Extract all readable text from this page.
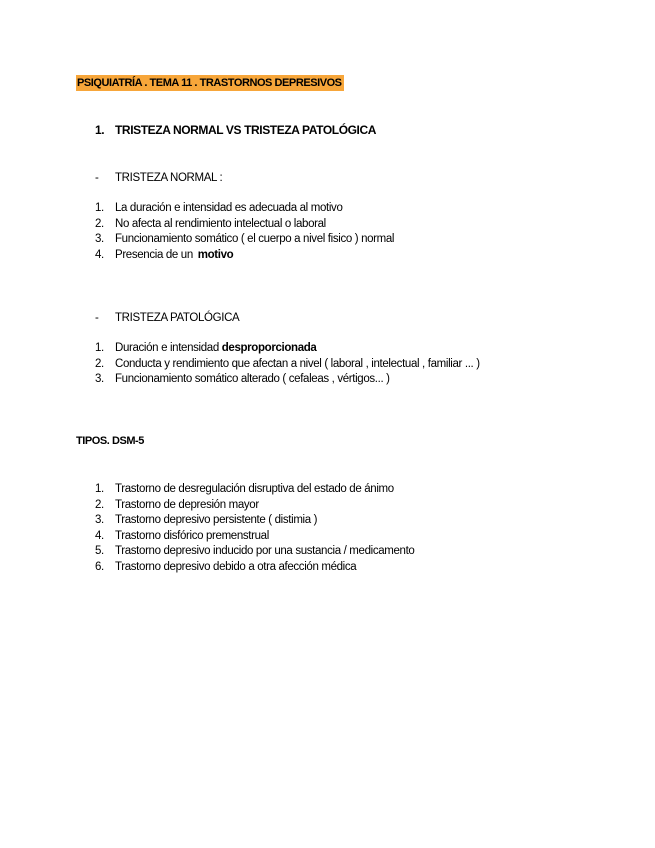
PSIQUIATRÍA . TEMA 11 . TRASTORNOS DEPRESIVOS
1. TRISTEZA NORMAL VS TRISTEZA PATOLÓGICA
- TRISTEZA NORMAL :
1. La duración e intensidad es adecuada al motivo
2. No afecta al rendimiento intelectual o laboral
3. Funcionamiento somático ( el cuerpo a nivel fisico ) normal
4. Presencia de un motivo
- TRISTEZA PATOLÓGICA
1. Duración e intensidad desproporcionada
2. Conducta y rendimiento que afectan a nivel ( laboral , intelectual , familiar ... )
3. Funcionamiento somático alterado ( cefaleas , vértigos... )
TIPOS. DSM-5
1. Trastorno de desregulación disruptiva del estado de ánimo
2. Trastorno de depresión mayor
3. Trastorno depresivo persistente ( distimia )
4. Trastorno disfórico premenstrual
5. Trastorno depresivo inducido por una sustancia / medicamento
6. Trastorno depresivo debido a otra afección médica
